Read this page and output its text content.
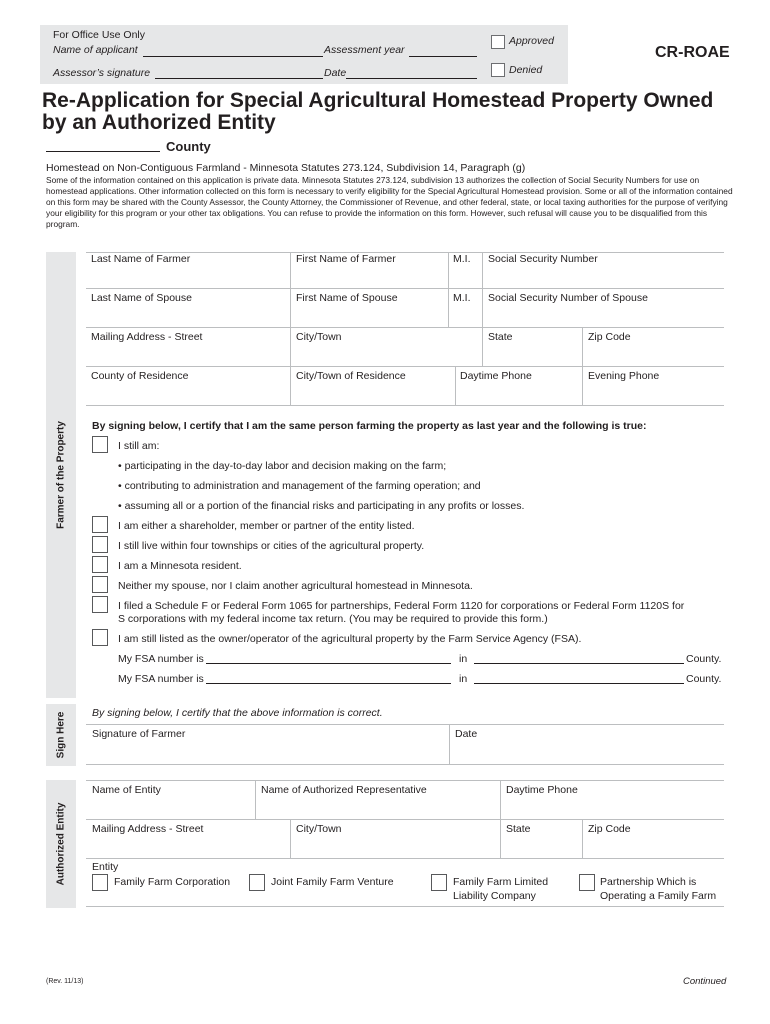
For Office Use Only
Name of applicant	Assessment year
Assessor’s signature	Date
Approved
Denied
CR-ROAE
Re-Application for Special Agricultural Homestead Property Owned by an Authorized Entity
County
Homestead on Non-Contiguous Farmland - Minnesota Statutes 273.124, Subdivision 14, Paragraph (g)
Some of the information contained on this application is private data. Minnesota Statutes 273.124, subdivision 13 authorizes the collection of Social Security Numbers for use on homestead applications. Other information collected on this form is necessary to verify eligibility for the Special Agricultural Homestead provision. Some or all of the information contained on this form may be shared with the County Assessor, the County Attorney, the Commissioner of Revenue, and other federal, state, or local taxing authorities for the purpose of verifying your eligibility for this program or your other tax obligations. You can refuse to provide the information on this form. However, such refusal will cause you to be disqualified from this program.
Farmer of the Property
Last Name of Farmer	First Name of Farmer	M.I. Social Security Number
Last Name of Spouse	First Name of Spouse	M.I. Social Security Number of Spouse
Mailing Address - Street	City/Town	State	Zip Code
County of Residence	City/Town of Residence	Daytime Phone	Evening Phone
By signing below, I certify that I am the same person farming the property as last year and the following is true:
I still am:
• participating in the day-to-day labor and decision making on the farm;
• contributing to administration and management of the farming operation; and
• assuming all or a portion of the financial risks and participating in any profits or losses.
I am either a shareholder, member or partner of the entity listed.
I still live within four townships or cities of the agricultural property.
I am a Minnesota resident.
Neither my spouse, nor I claim another agricultural homestead in Minnesota.
I filed a Schedule F or Federal Form 1065 for partnerships, Federal Form 1120 for corporations or Federal Form 1120S for
S corporations with my federal income tax return. (You may be required to provide this form.)
I am still listed as the owner/operator of the agricultural property by the Farm Service Agency (FSA).
My FSA number is	in	County.
My FSA number is	in	County.
Sign Here By signing below, I certify that the above information is correct.
Signature of Farmer	Date
Authorized Entity
Name of Entity	Name of Authorized Representative	Daytime Phone
Mailing Address - Street	City/Town	State	Zip Code
Entity
Family Farm Corporation	Joint Family Farm Venture	Family Farm Limited
Liability Company
Partnership Which is
Operating a Family Farm
(Rev. 11/13)	Continued
